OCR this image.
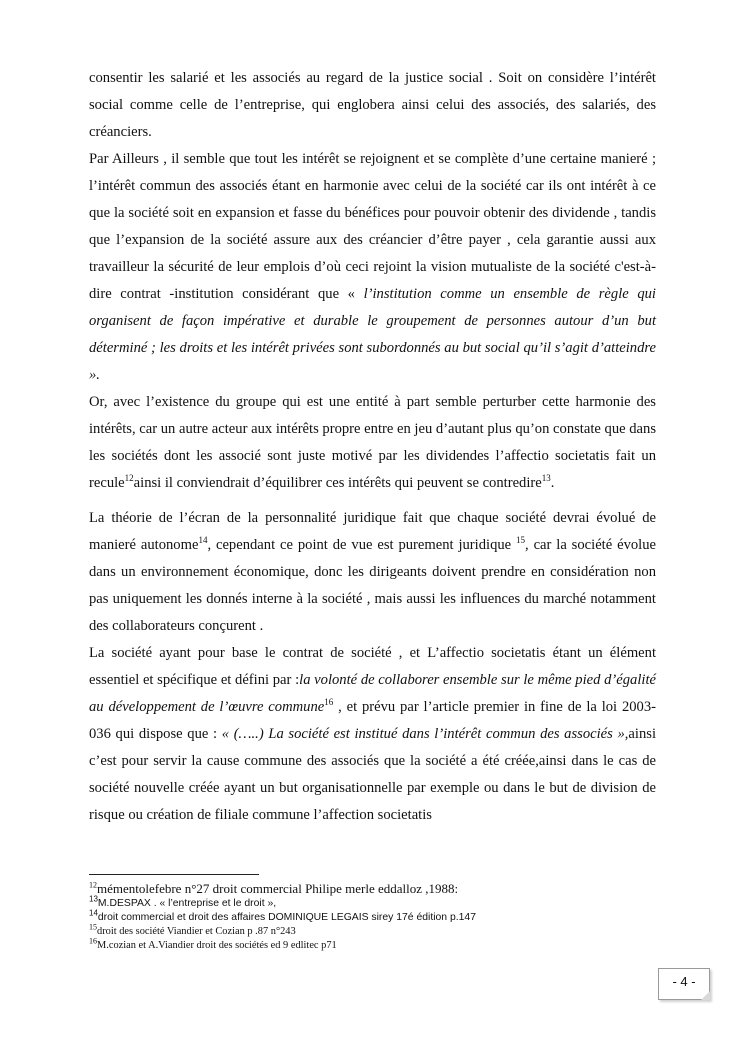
consentir les salarié et les associés au regard de la justice social . Soit on considère l’intérêt social comme celle de l’entreprise, qui englobera ainsi celui des associés, des salariés, des créanciers.

Par Ailleurs , il semble que tout les intérêt se rejoignent et se complète d’une certaine manieré ; l’intérêt commun des associés étant en harmonie avec celui de la société car ils ont intérêt à ce que la société soit en expansion et fasse du bénéfices pour pouvoir obtenir des dividende , tandis que l’expansion de la société assure aux des créancier d’être payer , cela garantie aussi aux travailleur la sécurité de leur emplois d’où ceci rejoint la vision mutualiste de la société c'est-à-dire contrat -institution considérant que « l’institution comme un ensemble de règle qui organisent de façon impérative et durable le groupement de personnes autour d’un but déterminé ; les droits et les intérêt privées sont subordonnés au but social qu’il s’agit d’atteindre ».

Or, avec l’existence du groupe qui est une entité à part semble perturber cette harmonie des intérêts, car un autre acteur aux intérêts propre entre en jeu d’autant plus qu’on constate que dans les sociétés dont les associé sont juste motivé par les dividendes l’affectio societatis fait un recule$^{12}$ainsi il conviendrait d’équilibrer ces intérêts qui peuvent se contredire$^{13}$.

La théorie de l’écran de la personnalité juridique fait que chaque société devrai évolué de manieré autonome$^{14}$, cependant ce point de vue est purement juridique $^{15}$, car la société évolue dans un environnement économique, donc les dirigeants doivent prendre en considération non pas uniquement les donnés interne à la société , mais aussi les influences du marché notamment des collaborateurs conçurent .

La société ayant pour base le contrat de société , et L’affectio societatis étant un élément essentiel et spécifique et défini par :la volonté de collaborer ensemble sur le même pied d’égalité au développement de l’œuvre commune$^{16}$ , et prévu par l’article premier in fine de la loi 2003-036 qui dispose que : « (…..) La société est institué dans l’intérêt commun des associés »,ainsi c’est pour servir la cause commune des associés que la société a été créée,ainsi dans le cas de société nouvelle créée ayant un but organisationnelle par exemple ou dans le but de division de risque ou création de filiale commune l’affection societatis

$^{12}$mémentolefebre n°27 droit commercial Philipe merle eddalloz ,1988:

$^{13}$M.DESPAX . « l’entreprise et le droit »,

$^{14}$droit commercial et droit des affaires DOMINIQUE LEGAIS sirey 17é édition p.147

$^{15}$droit des société Viandier et Cozian p .87 n°243

$^{16}$M.cozian et A.Viandier droit des sociétés ed 9 edlitec p71

- 4 -
